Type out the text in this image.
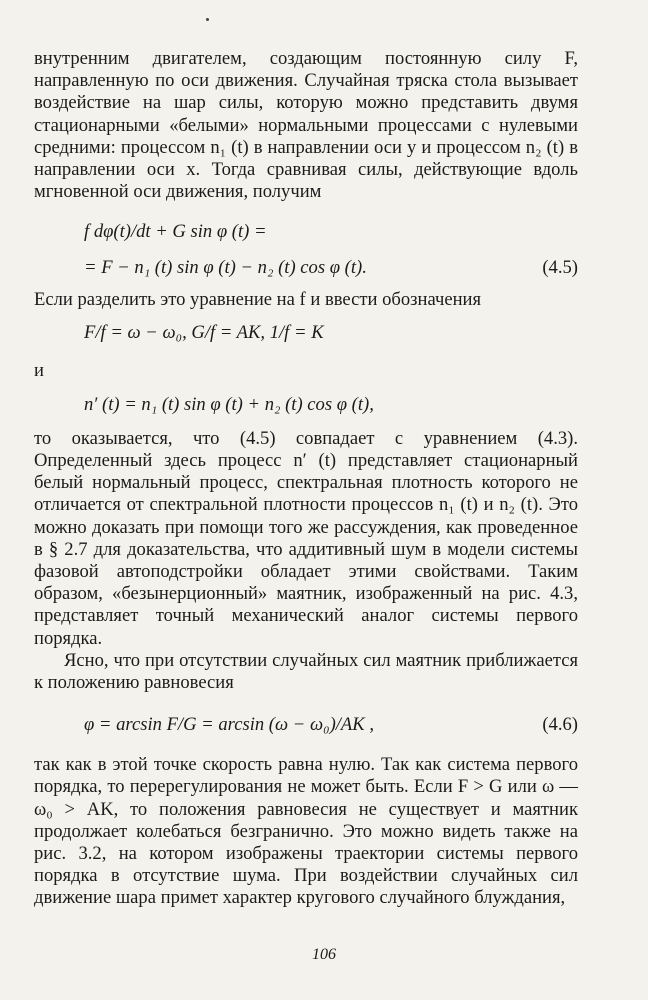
внутренним двигателем, создающим постоянную силу F, направленную по оси движения. Случайная тряска стола вызывает воздействие на шар силы, которую можно представить двумя стационарными «белыми» нормальными процессами с нулевыми средними: процессом n₁ (t) в направлении оси y и процессом n₂ (t) в направлении оси x. Тогда сравнивая силы, действующие вдоль мгновенной оси движения, получим

f dφ(t)/dt + G sin φ (t) =
= F − n₁ (t) sin φ (t) − n₂ (t) cos φ (t).	(4.5)

Если разделить это уравнение на f и ввести обозначения

F/f = ω − ω₀, G/f = AK, 1/f = K

и

n′ (t) = n₁ (t) sin φ (t) + n₂ (t) cos φ (t),

то оказывается, что (4.5) совпадает с уравнением (4.3). Определенный здесь процесс n′ (t) представляет стационарный белый нормальный процесс, спектральная плотность которого не отличается от спектральной плотности процессов n₁ (t) и n₂ (t). Это можно доказать при помощи того же рассуждения, как проведенное в § 2.7 для доказательства, что аддитивный шум в модели системы фазовой автоподстройки обладает этими свойствами. Таким образом, «безынерционный» маятник, изображенный на рис. 4.3, представляет точный механический аналог системы первого порядка.

Ясно, что при отсутствии случайных сил маятник приближается к положению равновесия

φ = arcsin F/G = arcsin (ω − ω₀)/AK ,	(4.6)

так как в этой точке скорость равна нулю. Так как система первого порядка, то перерегулирования не может быть. Если F > G или ω — ω₀ > AK, то положения равновесия не существует и маятник продолжает колебаться безгранично. Это можно видеть также на рис. 3.2, на котором изображены траектории системы первого порядка в отсутствие шума. При воздействии случайных сил движение шара примет характер кругового случайного блуждания,

106
